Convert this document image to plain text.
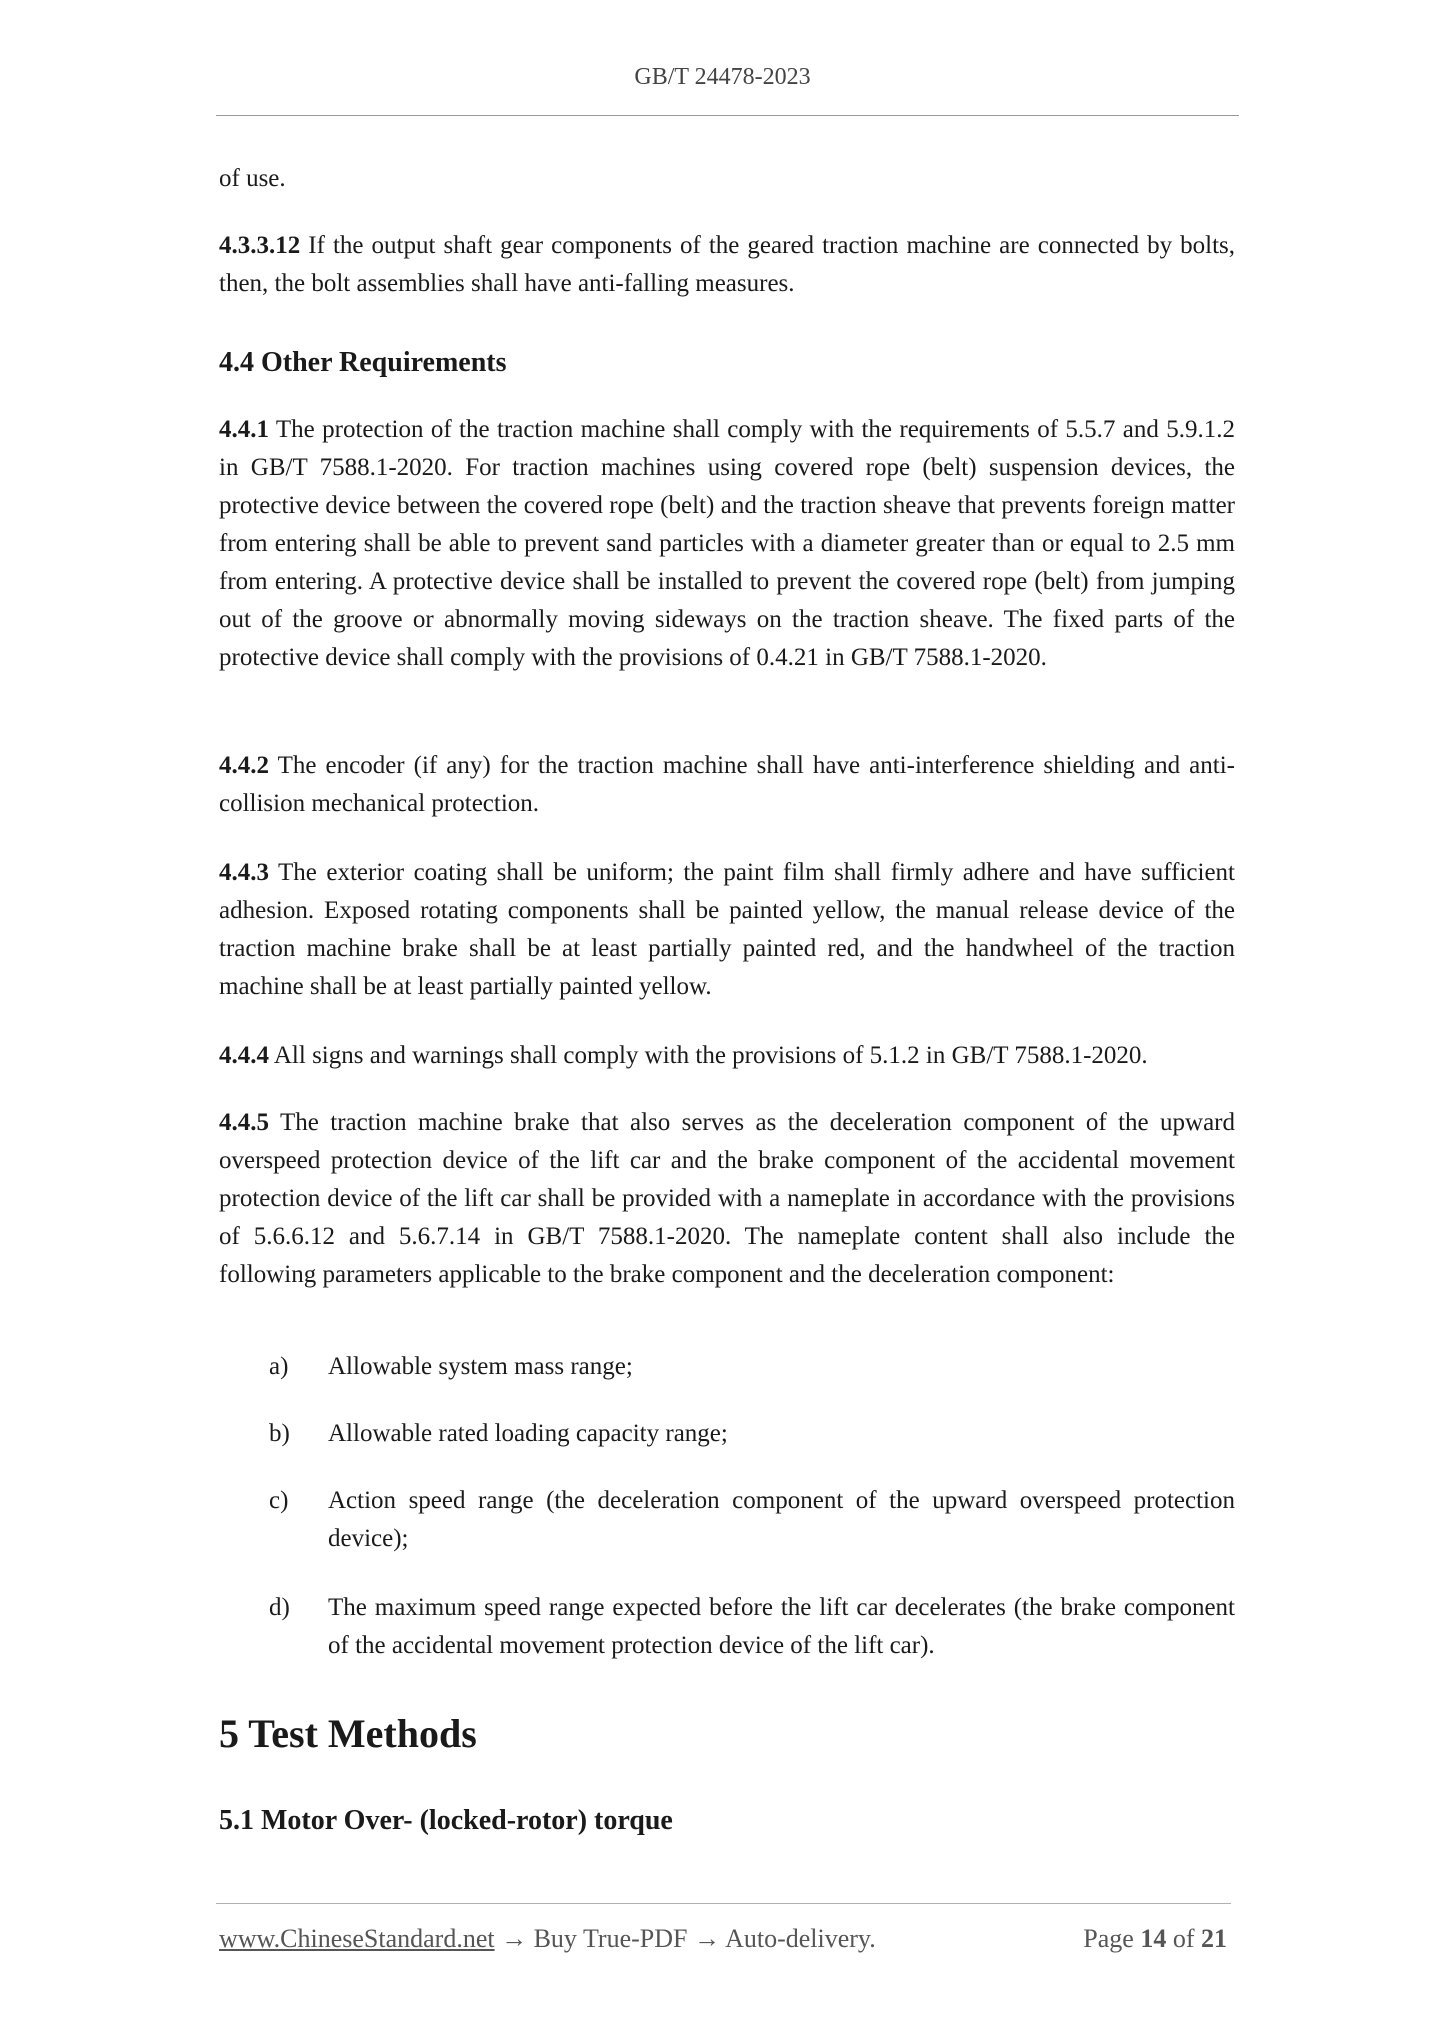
GB/T 24478-2023

of use.

4.3.3.12 If the output shaft gear components of the geared traction machine are connected by bolts, then, the bolt assemblies shall have anti-falling measures.

4.4 Other Requirements

4.4.1 The protection of the traction machine shall comply with the requirements of 5.5.7 and 5.9.1.2 in GB/T 7588.1-2020. For traction machines using covered rope (belt) suspension devices, the protective device between the covered rope (belt) and the traction sheave that prevents foreign matter from entering shall be able to prevent sand particles with a diameter greater than or equal to 2.5 mm from entering. A protective device shall be installed to prevent the covered rope (belt) from jumping out of the groove or abnormally moving sideways on the traction sheave. The fixed parts of the protective device shall comply with the provisions of 0.4.21 in GB/T 7588.1-2020.

4.4.2 The encoder (if any) for the traction machine shall have anti-interference shielding and anti-collision mechanical protection.

4.4.3 The exterior coating shall be uniform; the paint film shall firmly adhere and have sufficient adhesion. Exposed rotating components shall be painted yellow, the manual release device of the traction machine brake shall be at least partially painted red, and the handwheel of the traction machine shall be at least partially painted yellow.

4.4.4 All signs and warnings shall comply with the provisions of 5.1.2 in GB/T 7588.1-2020.

4.4.5 The traction machine brake that also serves as the deceleration component of the upward overspeed protection device of the lift car and the brake component of the accidental movement protection device of the lift car shall be provided with a nameplate in accordance with the provisions of 5.6.6.12 and 5.6.7.14 in GB/T 7588.1-2020. The nameplate content shall also include the following parameters applicable to the brake component and the deceleration component:

a)	Allowable system mass range;
b)	Allowable rated loading capacity range;
c)	Action speed range (the deceleration component of the upward overspeed protection device);
d)	The maximum speed range expected before the lift car decelerates (the brake component of the accidental movement protection device of the lift car).
5 Test Methods
5.1 Motor Over- (locked-rotor) torque
www.ChineseStandard.net → Buy True-PDF → Auto-delivery.	Page 14 of 21
